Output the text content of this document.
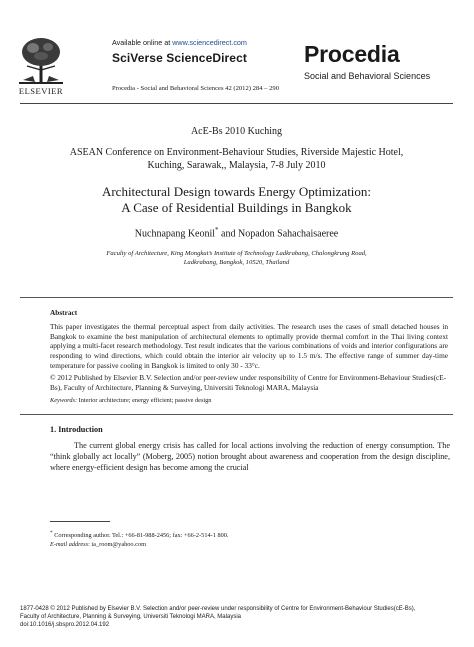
ELSEVIER
Available online at www.sciencedirect.com
SciVerse ScienceDirect
Procedia - Social and Behavioral Sciences 42 (2012) 284 – 290
Procedia
Social and Behavioral Sciences
AcE-Bs 2010 Kuching
ASEAN Conference on Environment-Behaviour Studies, Riverside Majestic Hotel,
Kuching, Sarawak,, Malaysia, 7-8 July 2010
Architectural Design towards Energy Optimization:
A Case of Residential Buildings in Bangkok
Nuchnapang Keonil* and Nopadon Sahachaisaeree
Faculty of Architecture, King Mongkut’s Institute of Technology Ladkrabang, Chalongkrung Road,
Ladkrabang, Bangkok, 10520, Thailand
Abstract
This paper investigates the thermal perceptual aspect from daily activities. The research uses the cases of small detached houses in Bangkok to examine the best manipulation of architectural elements to optimally provide thermal comfort in the Thai living context applying a multi-facet research methodology. Test result indicates that the various combinations of voids and interior configurations are responding to wind directions, which could obtain the interior air velocity up to 1.5 m/s. The effective range of summer day-time temperature for passive cooling in Bangkok is limited to only 30 - 33°c.
© 2012 Published by Elsevier B.V. Selection and/or peer-review under responsibility of Centre for Environment-Behaviour Studies(cE-Bs), Faculty of Architecture, Planning & Surveying, Universiti Teknologi MARA, Malaysia
Keywords: Interior architecture; energy efficient; passive design
1. Introduction
The current global energy crisis has called for local actions involving the reduction of energy consumption. The “think globally act locally” (Moberg, 2005) notion brought about awareness and cooperation from the design discipline, where energy-efficient design has become among the crucial
* Corresponding author. Tel.: +66-81-988-2456; fax: +66-2-514-1 800.
E-mail address: ia_room@yahoo.com
1877-0428 © 2012 Published by Elsevier B.V. Selection and/or peer-review under responsibility of Centre for Environment-Behaviour Studies(cE-Bs),
Faculty of Architecture, Planning & Surveying, Universiti Teknologi MARA, Malaysia
doi:10.1016/j.sbspro.2012.04.192
